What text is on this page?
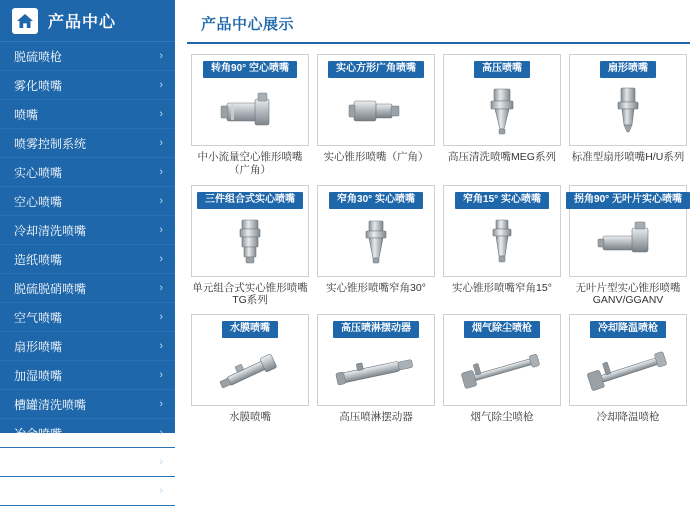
产品中心
脱硫喷枪	›
雾化喷嘴	›
喷嘴	›
喷雾控制系统	›
实心喷嘴	›
空心喷嘴	›
冷却清洗喷嘴	›
造纸喷嘴	›
脱硫脱硝喷嘴	›
空气喷嘴	›
扇形喷嘴	›
加湿喷嘴	›
槽罐清洗喷嘴	›
冶金喷嘴	›
螺旋喷嘴	›
消防喷嘴	›
产品中心展示
转角90° 空心喷嘴
中小流量空心锥形喷嘴（广角）
实心方形广角喷嘴
实心锥形喷嘴（广角）
高压喷嘴
高压清洗喷嘴MEG系列
扇形喷嘴
标准型扇形喷嘴H/U系列
三件组合式实心喷嘴
单元组合式实心锥形喷嘴TG系列
窄角30° 实心喷嘴
实心锥形喷嘴窄角30°
窄角15° 实心喷嘴
实心锥形喷嘴窄角15°
拐角90° 无叶片实心喷嘴
无叶片型实心锥形喷嘴GANV/GGANV
水膜喷嘴
水膜喷嘴
高压喷淋摆动器
高压喷淋摆动器
烟气除尘喷枪
烟气除尘喷枪
冷却降温喷枪
冷却降温喷枪
